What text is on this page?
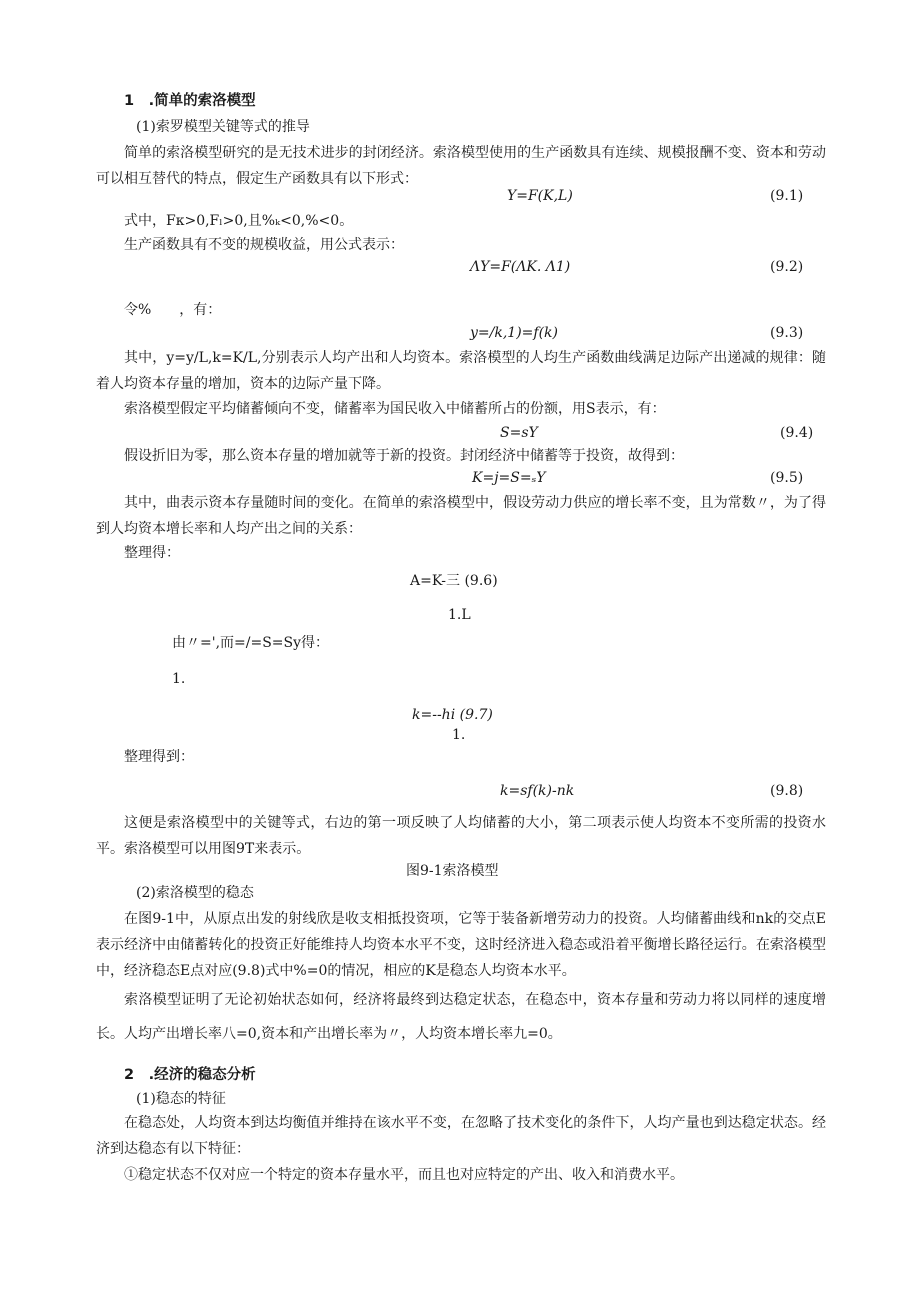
1　.简单的索洛模型
(1)索罗模型关键等式的推导
简单的索洛模型研究的是无技术进步的封闭经济。索洛模型使用的生产函数具有连续、规模报酬不变、资本和劳动可以相互替代的特点，假定生产函数具有以下形式：
Y=F(K,L)	(9.1)
式中，Fκ>0,Fₗ>0,且%ₖ<0,%<0。
生产函数具有不变的规模收益，用公式表示：
ΛY=F(ΛK. Λ1)	(9.2)
令%　　，有：
y=/k,1)=f(k)	(9.3)
其中，y=y/L,k=K/L,分别表示人均产出和人均资本。索洛模型的人均生产函数曲线满足边际产出递减的规律：随着人均资本存量的增加，资本的边际产量下降。
索洛模型假定平均储蓄倾向不变，储蓄率为国民收入中储蓄所占的份额，用S表示，有：
S=sY	(9.4)
假设折旧为零，那么资本存量的增加就等于新的投资。封闭经济中储蓄等于投资，故得到：
K=j=S=ₛY	(9.5)
其中，曲表示资本存量随时间的变化。在简单的索洛模型中，假设劳动力供应的增长率不变，且为常数〃，为了得到人均资本增长率和人均产出之间的关系：
整理得：
A=K-三 (9.6)
1.L
由〃=',而=/=S=Sy得：
1.
k=--hi (9.7)
1.
整理得到：
k=sf(k)-nk	(9.8)
这便是索洛模型中的关键等式，右边的第一项反映了人均储蓄的大小，第二项表示使人均资本不变所需的投资水平。索洛模型可以用图9T来表示。
图9-1索洛模型
(2)索洛模型的稳态
在图9-1中，从原点出发的射线欣是收支相抵投资项，它等于装备新增劳动力的投资。人均储蓄曲线和nk的交点E表示经济中由储蓄转化的投资正好能维持人均资本水平不变，这时经济进入稳态或沿着平衡增长路径运行。在索洛模型中，经济稳态E点对应(9.8)式中%=0的情况，相应的K是稳态人均资本水平。
索洛模型证明了无论初始状态如何，经济将最终到达稳定状态，在稳态中，资本存量和劳动力将以同样的速度增长。人均产出增长率八=0,资本和产出增长率为〃，人均资本增长率九=0。
2　.经济的稳态分析
(1)稳态的特征
在稳态处，人均资本到达均衡值并维持在该水平不变，在忽略了技术变化的条件下，人均产量也到达稳定状态。经济到达稳态有以下特征：
①稳定状态不仅对应一个特定的资本存量水平，而且也对应特定的产出、收入和消费水平。
